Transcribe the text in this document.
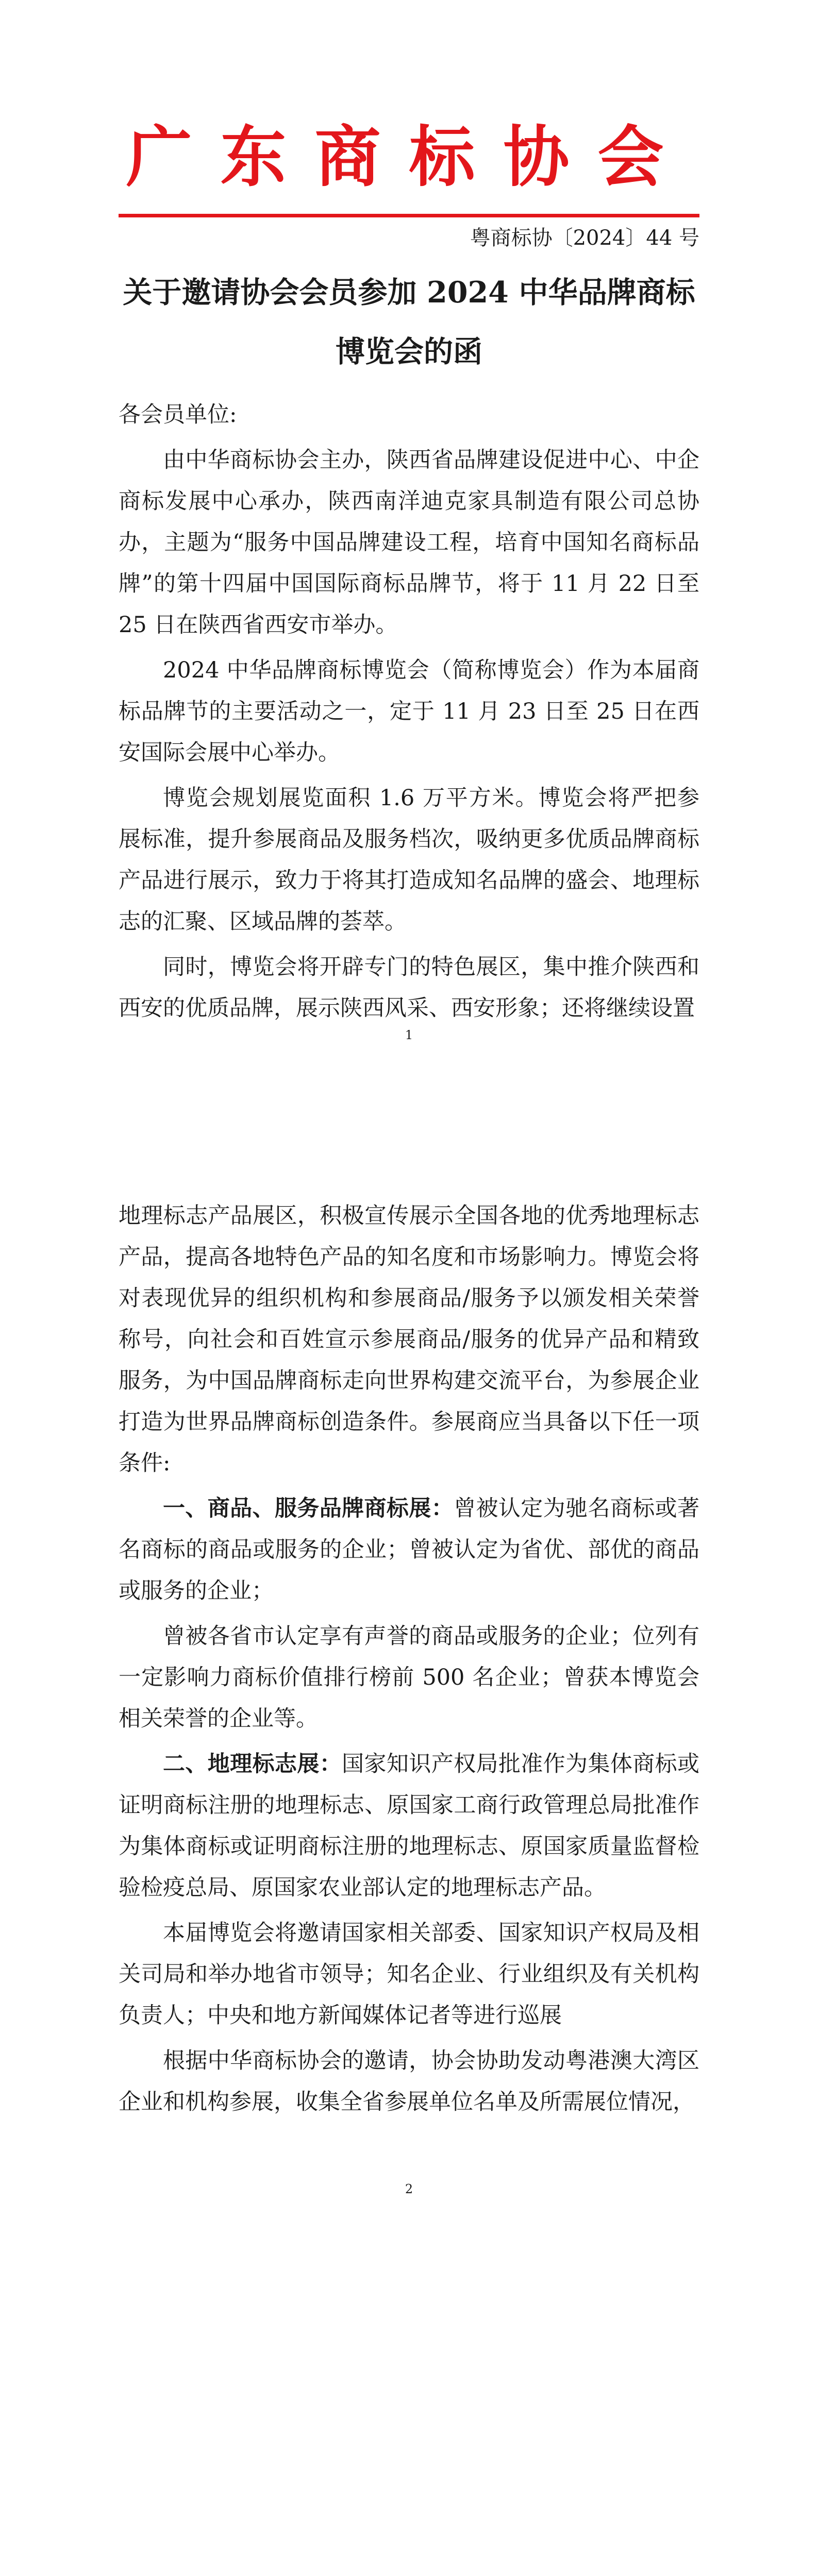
广东商标协会
粤商标协〔2024〕44 号
关于邀请协会会员参加 2024 中华品牌商标
博览会的函
各会员单位:
由中华商标协会主办，陕西省品牌建设促进中心、中企商标发展中心承办，陕西南洋迪克家具制造有限公司总协办，主题为“服务中国品牌建设工程，培育中国知名商标品牌”的第十四届中国国际商标品牌节，将于 11 月 22 日至 25 日在陕西省西安市举办。
2024 中华品牌商标博览会（简称博览会）作为本届商标品牌节的主要活动之一，定于 11 月 23 日至 25 日在西安国际会展中心举办。
博览会规划展览面积 1.6 万平方米。博览会将严把参展标准，提升参展商品及服务档次，吸纳更多优质品牌商标产品进行展示，致力于将其打造成知名品牌的盛会、地理标志的汇聚、区域品牌的荟萃。
同时，博览会将开辟专门的特色展区，集中推介陕西和西安的优质品牌，展示陕西风采、西安形象；还将继续设置
1
地理标志产品展区，积极宣传展示全国各地的优秀地理标志产品，提高各地特色产品的知名度和市场影响力。博览会将对表现优异的组织机构和参展商品/服务予以颁发相关荣誉称号，向社会和百姓宣示参展商品/服务的优异产品和精致服务，为中国品牌商标走向世界构建交流平台，为参展企业打造为世界品牌商标创造条件。参展商应当具备以下任一项条件:
一、商品、服务品牌商标展：曾被认定为驰名商标或著名商标的商品或服务的企业；曾被认定为省优、部优的商品或服务的企业；
曾被各省市认定享有声誉的商品或服务的企业；位列有一定影响力商标价值排行榜前 500 名企业；曾获本博览会相关荣誉的企业等。
二、地理标志展：国家知识产权局批准作为集体商标或证明商标注册的地理标志、原国家工商行政管理总局批准作为集体商标或证明商标注册的地理标志、原国家质量监督检验检疫总局、原国家农业部认定的地理标志产品。
本届博览会将邀请国家相关部委、国家知识产权局及相关司局和举办地省市领导；知名企业、行业组织及有关机构负责人；中央和地方新闻媒体记者等进行巡展
根据中华商标协会的邀请，协会协助发动粤港澳大湾区企业和机构参展，收集全省参展单位名单及所需展位情况，
2
